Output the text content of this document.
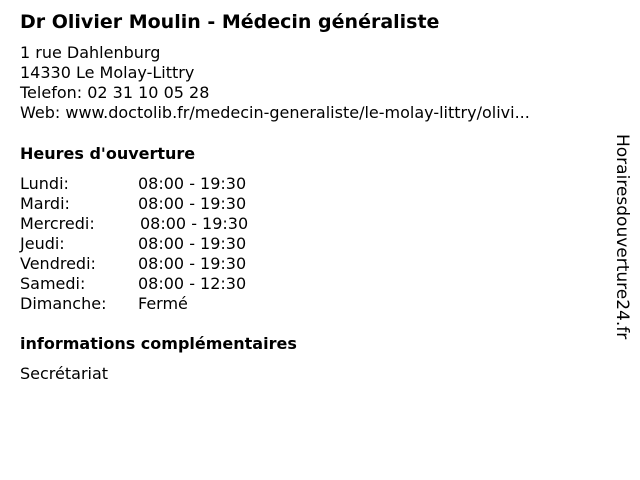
Dr Olivier Moulin - Médecin généraliste
1 rue Dahlenburg
14330 Le Molay-Littry
Telefon: 02 31 10 05 28
Web: www.doctolib.fr/medecin-generaliste/le-molay-littry/olivi...
Heures d'ouverture
Lundi:	08:00 - 19:30
Mardi:	08:00 - 19:30
Mercredi:	08:00 - 19:30
Jeudi:	08:00 - 19:30
Vendredi:	08:00 - 19:30
Samedi:	08:00 - 12:30
Dimanche: Fermé
informations complémentaires
Secrétariat
Horairesdouverture24.fr
